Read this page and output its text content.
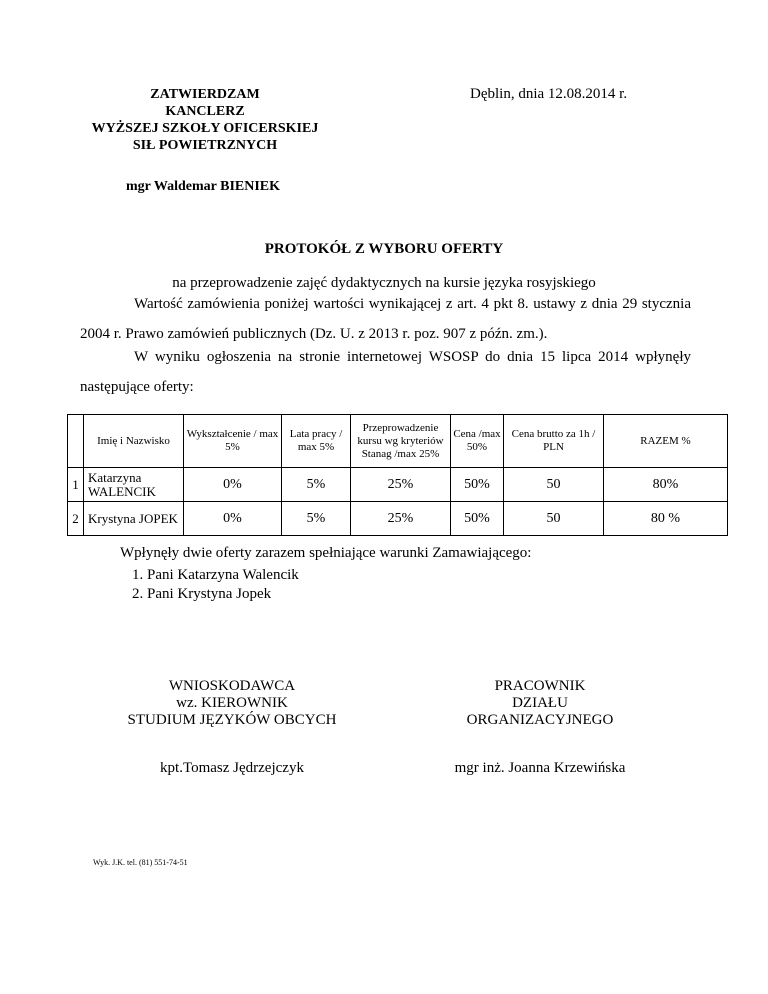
ZATWIERDZAM
KANCLERZ
WYŻSZEJ SZKOŁY OFICERSKIEJ
SIŁ POWIETRZNYCH
Dęblin, dnia 12.08.2014 r.
mgr Waldemar BIENIEK
PROTOKÓŁ Z WYBORU OFERTY
na przeprowadzenie zajęć dydaktycznych na kursie języka rosyjskiego
Wartość zamówienia poniżej wartości wynikającej z art. 4 pkt 8. ustawy z dnia 29 stycznia 2004 r. Prawo zamówień publicznych (Dz. U. z 2013 r. poz. 907 z późn. zm.).
W wyniku ogłoszenia na stronie internetowej WSOSP do dnia 15 lipca 2014 wpłynęły następujące oferty:
	Imię i Nazwisko	Wykształcenie / max 5%	Lata pracy / max 5%	Przeprowadzenie kursu wg kryteriów Stanag /max 25%	Cena /max 50%	Cena brutto za 1h / PLN	RAZEM %
1	Katarzyna WALENCIK	0%	5%	25%	50%	50	80%
2	Krystyna JOPEK	0%	5%	25%	50%	50	80 %
Wpłynęły dwie oferty zarazem spełniające warunki Zamawiającego:
1. Pani Katarzyna Walencik
2. Pani Krystyna Jopek
WNIOSKODAWCA
wz. KIEROWNIK
STUDIUM JĘZYKÓW OBCYCH
PRACOWNIK
DZIAŁU
ORGANIZACYJNEGO
kpt.Tomasz Jędrzejczyk	mgr inż. Joanna Krzewińska
Wyk. J.K. tel. (81) 551-74-51
